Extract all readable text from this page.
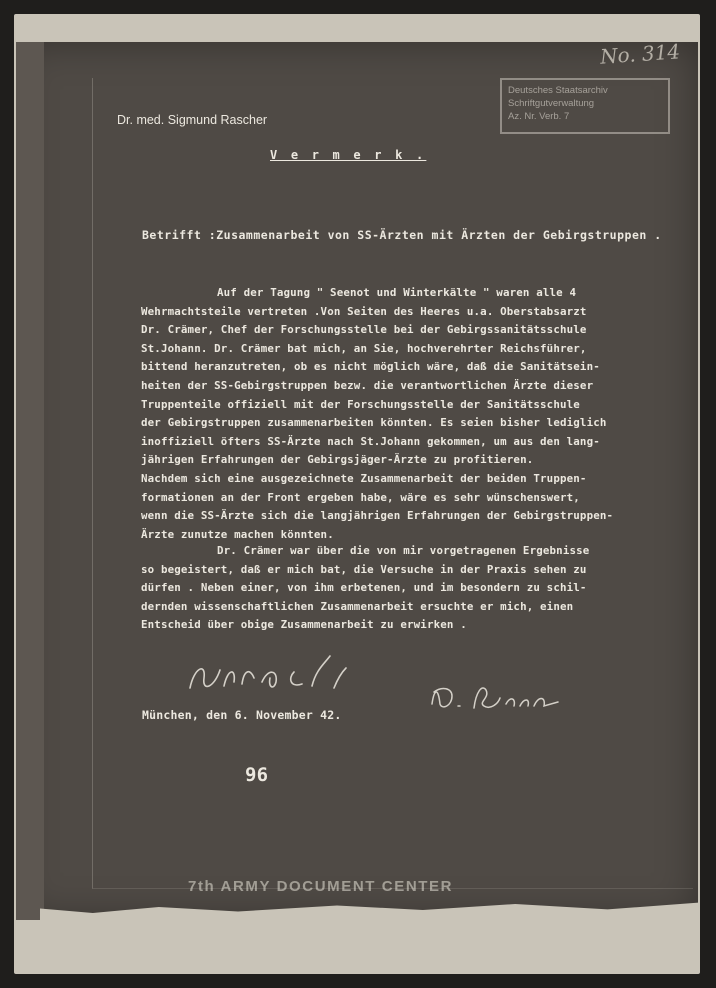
No. 314
Deutsches Staatsarchiv
Schriftgutverwaltung
Az. Nr. Verb. 7
Dr. med. Sigmund Rascher
V e r m e r k .
Betrifft :Zusammenarbeit von SS-Ärzten mit Ärzten der Gebirgstruppen .
Auf der Tagung " Seenot und Winterkälte " waren alle 4
Wehrmachtsteile vertreten .Von Seiten des Heeres u.a. Oberstabsarzt
Dr. Crämer, Chef der Forschungsstelle bei der Gebirgssanitätsschule
St.Johann. Dr. Crämer bat mich, an Sie, hochverehrter Reichsführer,
bittend heranzutreten, ob es nicht möglich wäre, daß die Sanitätsein-
heiten der SS-Gebirgstruppen bezw. die verantwortlichen Ärzte dieser
Truppenteile offiziell mit der Forschungsstelle der Sanitätsschule
der Gebirgstruppen zusammenarbeiten könnten. Es seien bisher lediglich
inoffiziell öfters SS-Ärzte nach St.Johann gekommen, um aus den lang-
jährigen Erfahrungen der Gebirgsjäger-Ärzte zu profitieren.
Nachdem sich eine ausgezeichnete Zusammenarbeit der beiden Truppen-
formationen an der Front ergeben habe, wäre es sehr wünschenswert,
wenn die SS-Ärzte sich die langjährigen Erfahrungen der Gebirgstruppen-
Ärzte zunutze machen könnten.
Dr. Crämer war über die von mir vorgetragenen Ergebnisse
so begeistert, daß er mich bat, die Versuche in der Praxis sehen zu
dürfen . Neben einer, von ihm erbetenen, und im besondern zu schil-
dernden wissenschaftlichen Zusammenarbeit ersuchte er mich, einen
Entscheid über obige Zusammenarbeit zu erwirken .
München, den 6. November 42.
96
7th ARMY DOCUMENT CENTER
